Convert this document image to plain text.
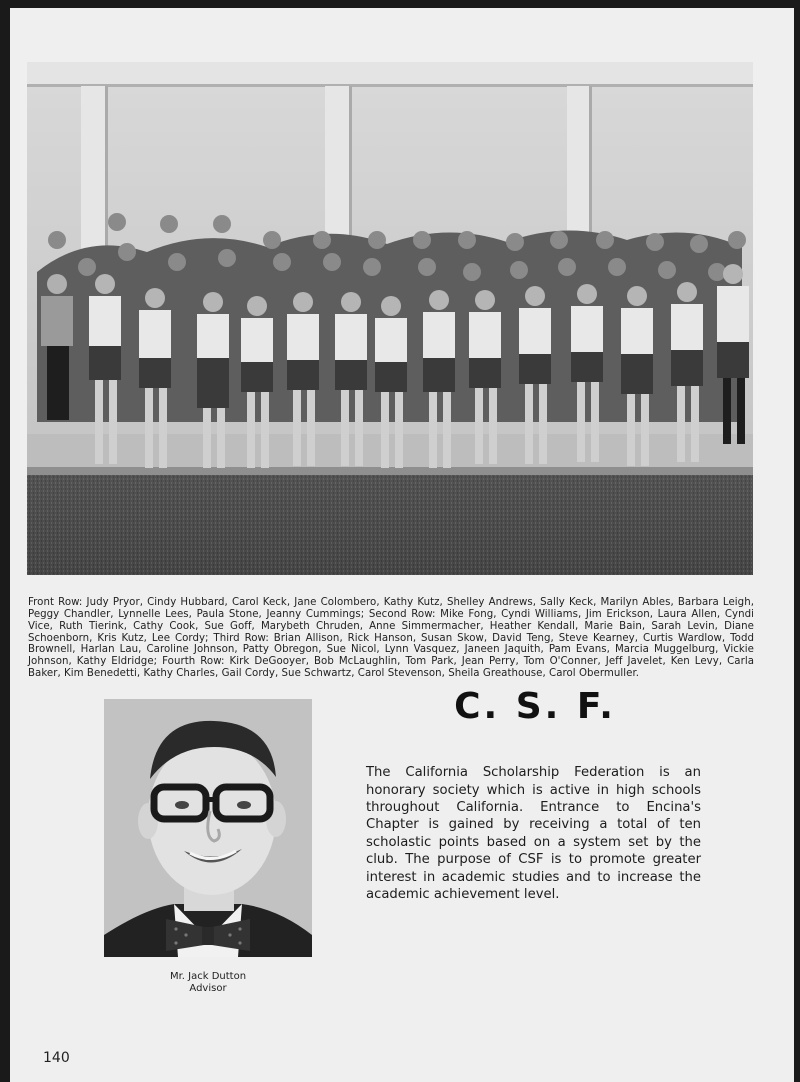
Front Row: Judy Pryor, Cindy Hubbard, Carol Keck, Jane Colombero, Kathy Kutz, Shelley Andrews, Sally Keck, Marilyn Ables, Barbara Leigh, Peggy Chandler, Lynnelle Lees, Paula Stone, Jeanny Cummings; Second Row: Mike Fong, Cyndi Williams, Jim Erickson, Laura Allen, Cyndi Vice, Ruth Tierink, Cathy Cook, Sue Goff, Marybeth Chruden, Anne Simmermacher, Heather Kendall, Marie Bain, Sarah Levin, Diane Schoenborn, Kris Kutz, Lee Cordy; Third Row: Brian Allison, Rick Hanson, Susan Skow, David Teng, Steve Kearney, Curtis Wardlow, Todd Brownell, Harlan Lau, Caroline Johnson, Patty Obregon, Sue Nicol, Lynn Vasquez, Janeen Jaquith, Pam Evans, Marcia Muggelburg, Vickie Johnson, Kathy Eldridge; Fourth Row: Kirk DeGooyer, Bob McLaughlin, Tom Park, Jean Perry, Tom O'Conner, Jeff Javelet, Ken Levy, Carla Baker, Kim Benedetti, Kathy Charles, Gail Cordy, Sue Schwartz, Carol Stevenson, Sheila Greathouse, Carol Obermuller.

Mr. Jack Dutton
Advisor
C. S. F.

The California Scholarship Federation is an honorary society which is active in high schools throughout California. Entrance to Encina's Chapter is gained by receiving a total of ten scholastic points based on a system set by the club. The purpose of CSF is to promote greater interest in academic studies and to increase the academic achievement level.

140
